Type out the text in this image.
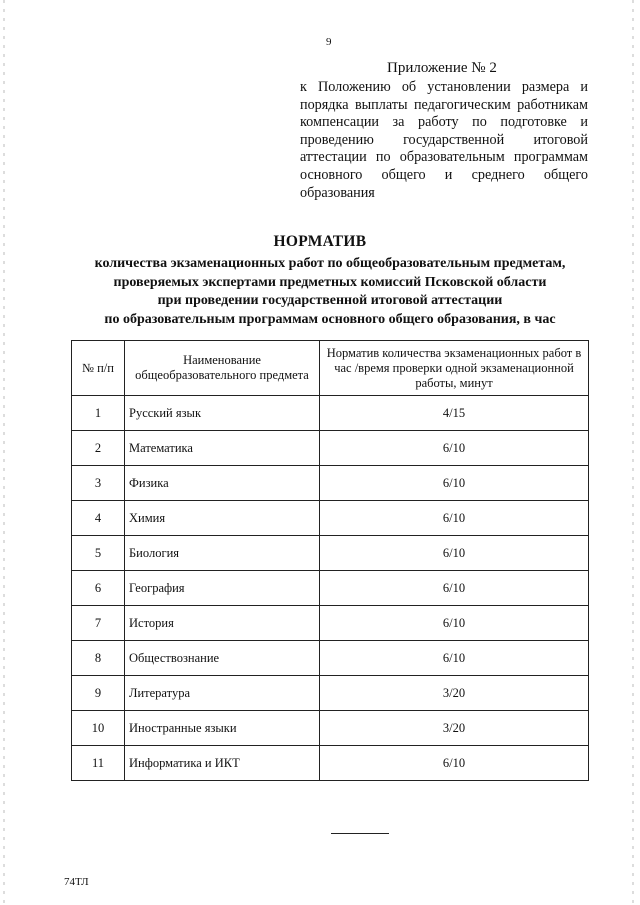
9
Приложение № 2
к Положению об установлении размера и порядка выплаты педагогическим работникам компенсации за работу по подготовке и проведению государственной итоговой аттестации по образовательным программам основного общего и среднего общего образования
НОРМАТИВ
количества экзаменационных работ по общеобразовательным предметам,
проверяемых экспертами предметных комиссий Псковской области
при проведении государственной итоговой аттестации
по образовательным программам основного общего образования, в час
№ п/п	Наименование общеобразовательного предмета	Норматив количества экзаменационных работ в час /время проверки одной экзаменационной работы, минут
1	Русский язык	4/15
2	Математика	6/10
3	Физика	6/10
4	Химия	6/10
5	Биология	6/10
6	География	6/10
7	История	6/10
8	Обществознание	6/10
9	Литература	3/20
10	Иностранные языки	3/20
11	Информатика и ИКТ	6/10
74ТЛ
